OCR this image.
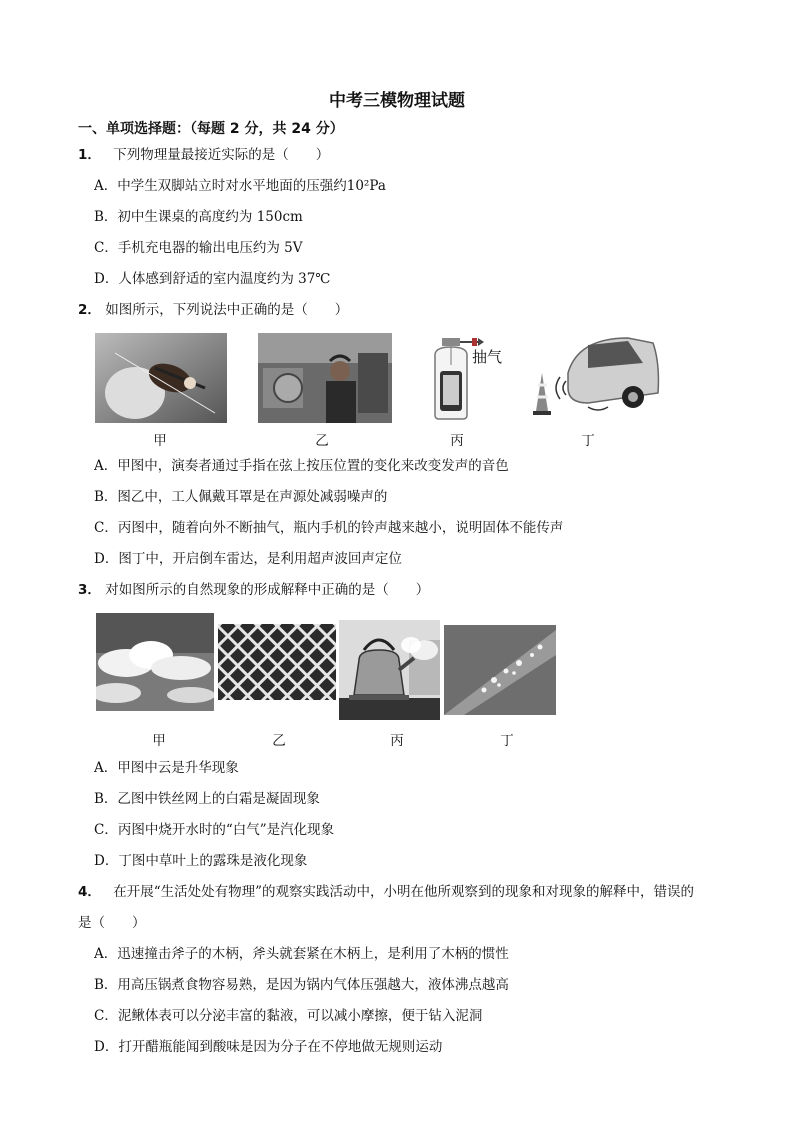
中考三模物理试题
一、单项选择题：（每题 2 分，共 24 分）
1． 下列物理量最接近实际的是（　　）
A．中学生双脚站立时对水平地面的压强约10²Pa
B．初中生课桌的高度约为 150cm
C．手机充电器的输出电压约为 5V
D．人体感到舒适的室内温度约为 37℃
2． 如图所示，下列说法中正确的是（　　）
抽气
甲	乙	丙	丁
A．甲图中，演奏者通过手指在弦上按压位置的变化来改变发声的音色
B．图乙中，工人佩戴耳罩是在声源处减弱噪声的
C．丙图中，随着向外不断抽气，瓶内手机的铃声越来越小，说明固体不能传声
D．图丁中，开启倒车雷达，是利用超声波回声定位
3． 对如图所示的自然现象的形成解释中正确的是（　　）
甲	乙	丙	丁
A．甲图中云是升华现象
B．乙图中铁丝网上的白霜是凝固现象
C．丙图中烧开水时的“白气”是汽化现象
D．丁图中草叶上的露珠是液化现象
4． 在开展“生活处处有物理”的观察实践活动中，小明在他所观察到的现象和对现象的解释中，错误的
是（　　）
A．迅速撞击斧子的木柄，斧头就套紧在木柄上，是利用了木柄的惯性
B．用高压锅煮食物容易熟，是因为锅内气体压强越大，液体沸点越高
C．泥鳅体表可以分泌丰富的黏液，可以减小摩擦，便于钻入泥洞
D．打开醋瓶能闻到酸味是因为分子在不停地做无规则运动
